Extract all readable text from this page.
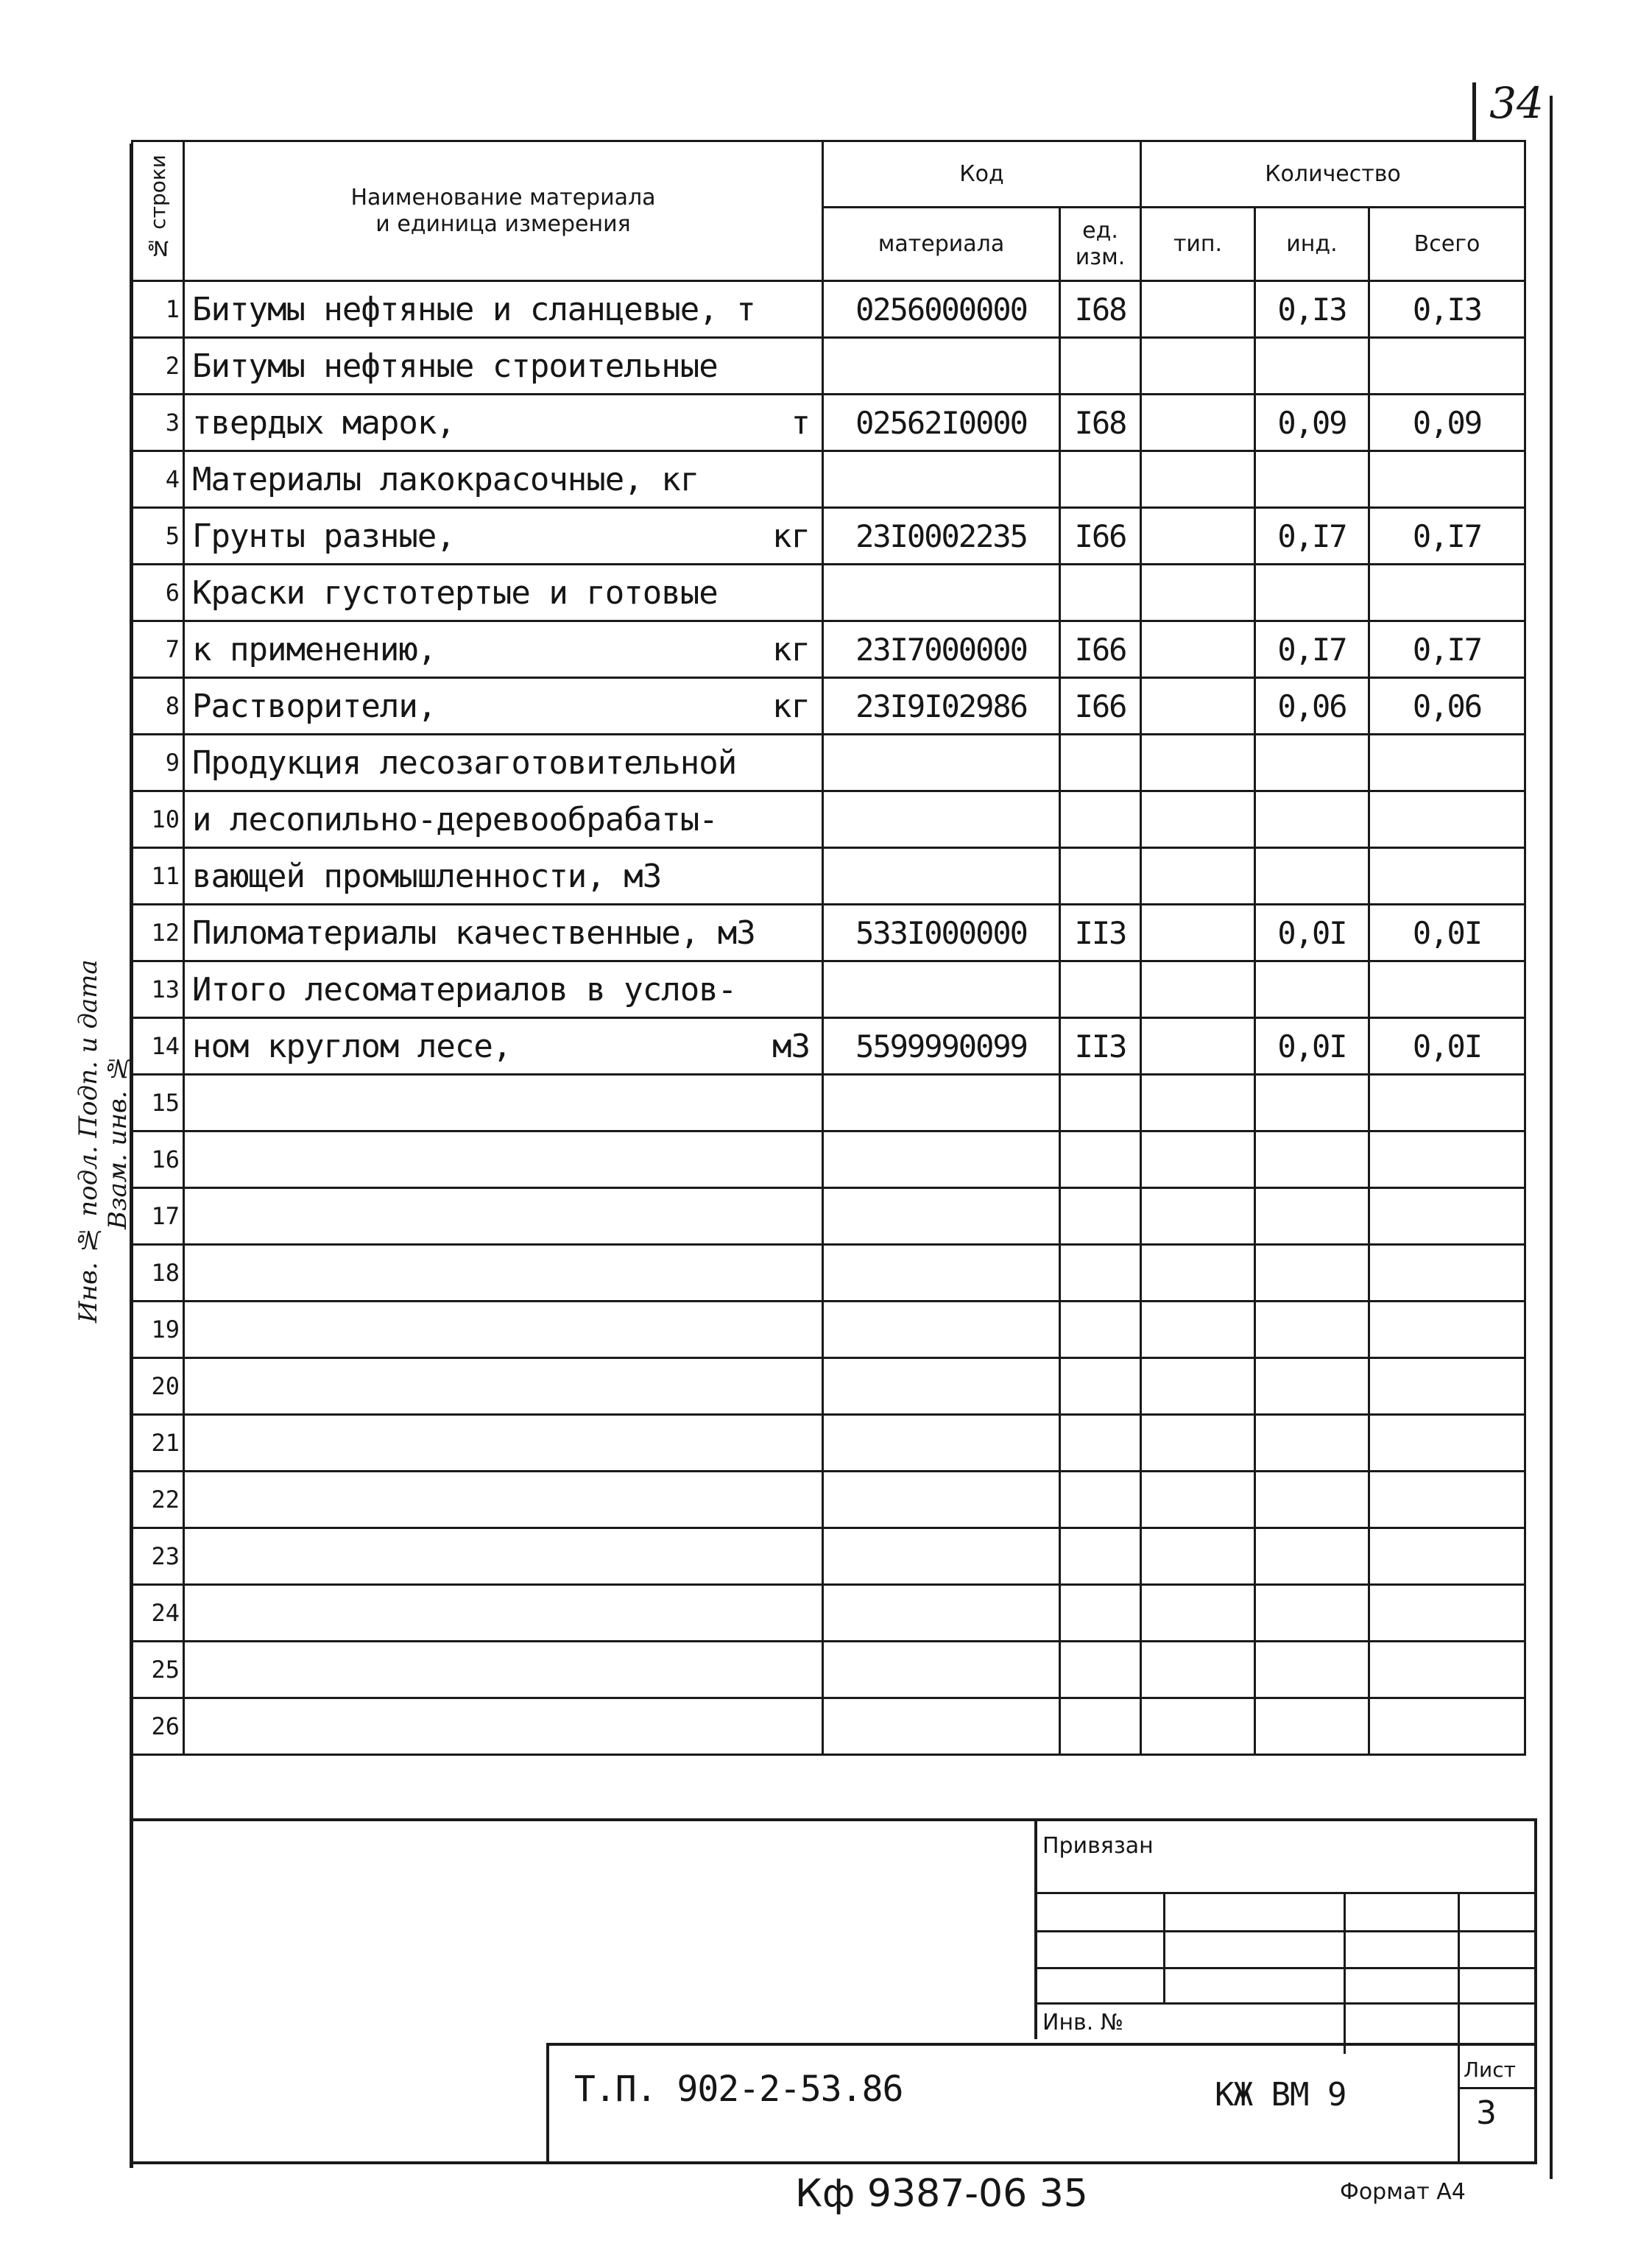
34
Инв. № подл. Подп. и дата Взам. инв. №
№ строки	Наименование материала
и единица измерения	Код		Количество		
		материала	ед. изм.	тип.	инд.	Всего
1	Битумы нефтяные и сланцевые, т	0256000000	I68		0,I3	0,I3
2	Битумы нефтяные строительные					

3	твердых марок, т	02562I0000	I68		0,09	0,09
4	Материалы лакокрасочные, кг					

5	Грунты разные, кг	23I0002235	I66		0,I7	0,I7
6	Краски густотертые и готовые					

7	к применению, кг	23I7000000	I66		0,I7	0,I7
8	Растворители, кг	23I9I02986	I66		0,06	0,06
9	Продукция лесозаготовительной					

10	и лесопильно-деревообрабаты-					

11	вающей промышленности, м3					

12	Пиломатериалы качественные, м3	533I000000	II3		0,0I	0,0I
13	Итого лесоматериалов в услов-					

14	ном круглом лесе, м3	5599990099	II3		0,0I	0,0I
15	

16	

17	

18	

19	

20	

21	

22	

23	

24	

25	

26	

Привязан
Инв. №
Т.П. 902-2-53.86	КЖ ВМ 9
Лист
3
Кф 9387-06 35	Формат А4
